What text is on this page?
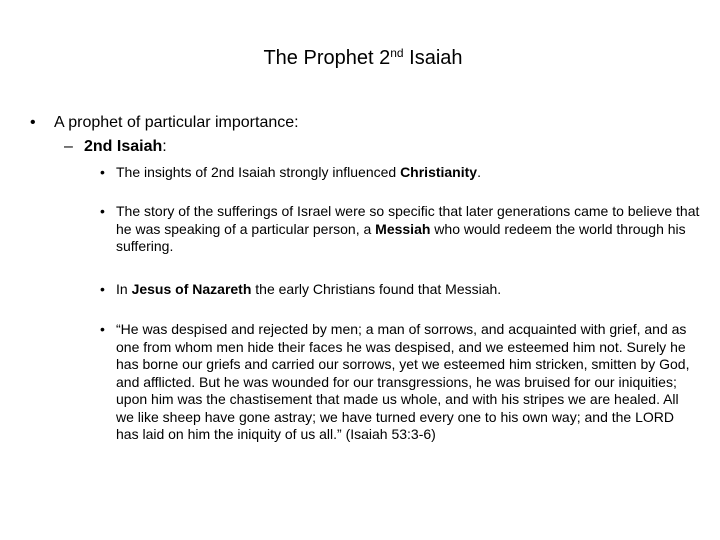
The Prophet 2nd Isaiah
• A prophet of particular importance:
– 2nd Isaiah:
• The insights of 2nd Isaiah strongly influenced Christianity.
• The story of the sufferings of Israel were so specific that later generations came to believe that he was speaking of a particular person, a Messiah who would redeem the world through his suffering.
• In Jesus of Nazareth the early Christians found that Messiah.
• “He was despised and rejected by men; a man of sorrows, and acquainted with grief, and as one from whom men hide their faces he was despised, and we esteemed him not. Surely he has borne our griefs and carried our sorrows, yet we esteemed him stricken, smitten by God, and afflicted. But he was wounded for our transgressions, he was bruised for our iniquities; upon him was the chastisement that made us whole, and with his stripes we are healed. All we like sheep have gone astray; we have turned every one to his own way; and the LORD has laid on him the iniquity of us all.” (Isaiah 53:3-6)
